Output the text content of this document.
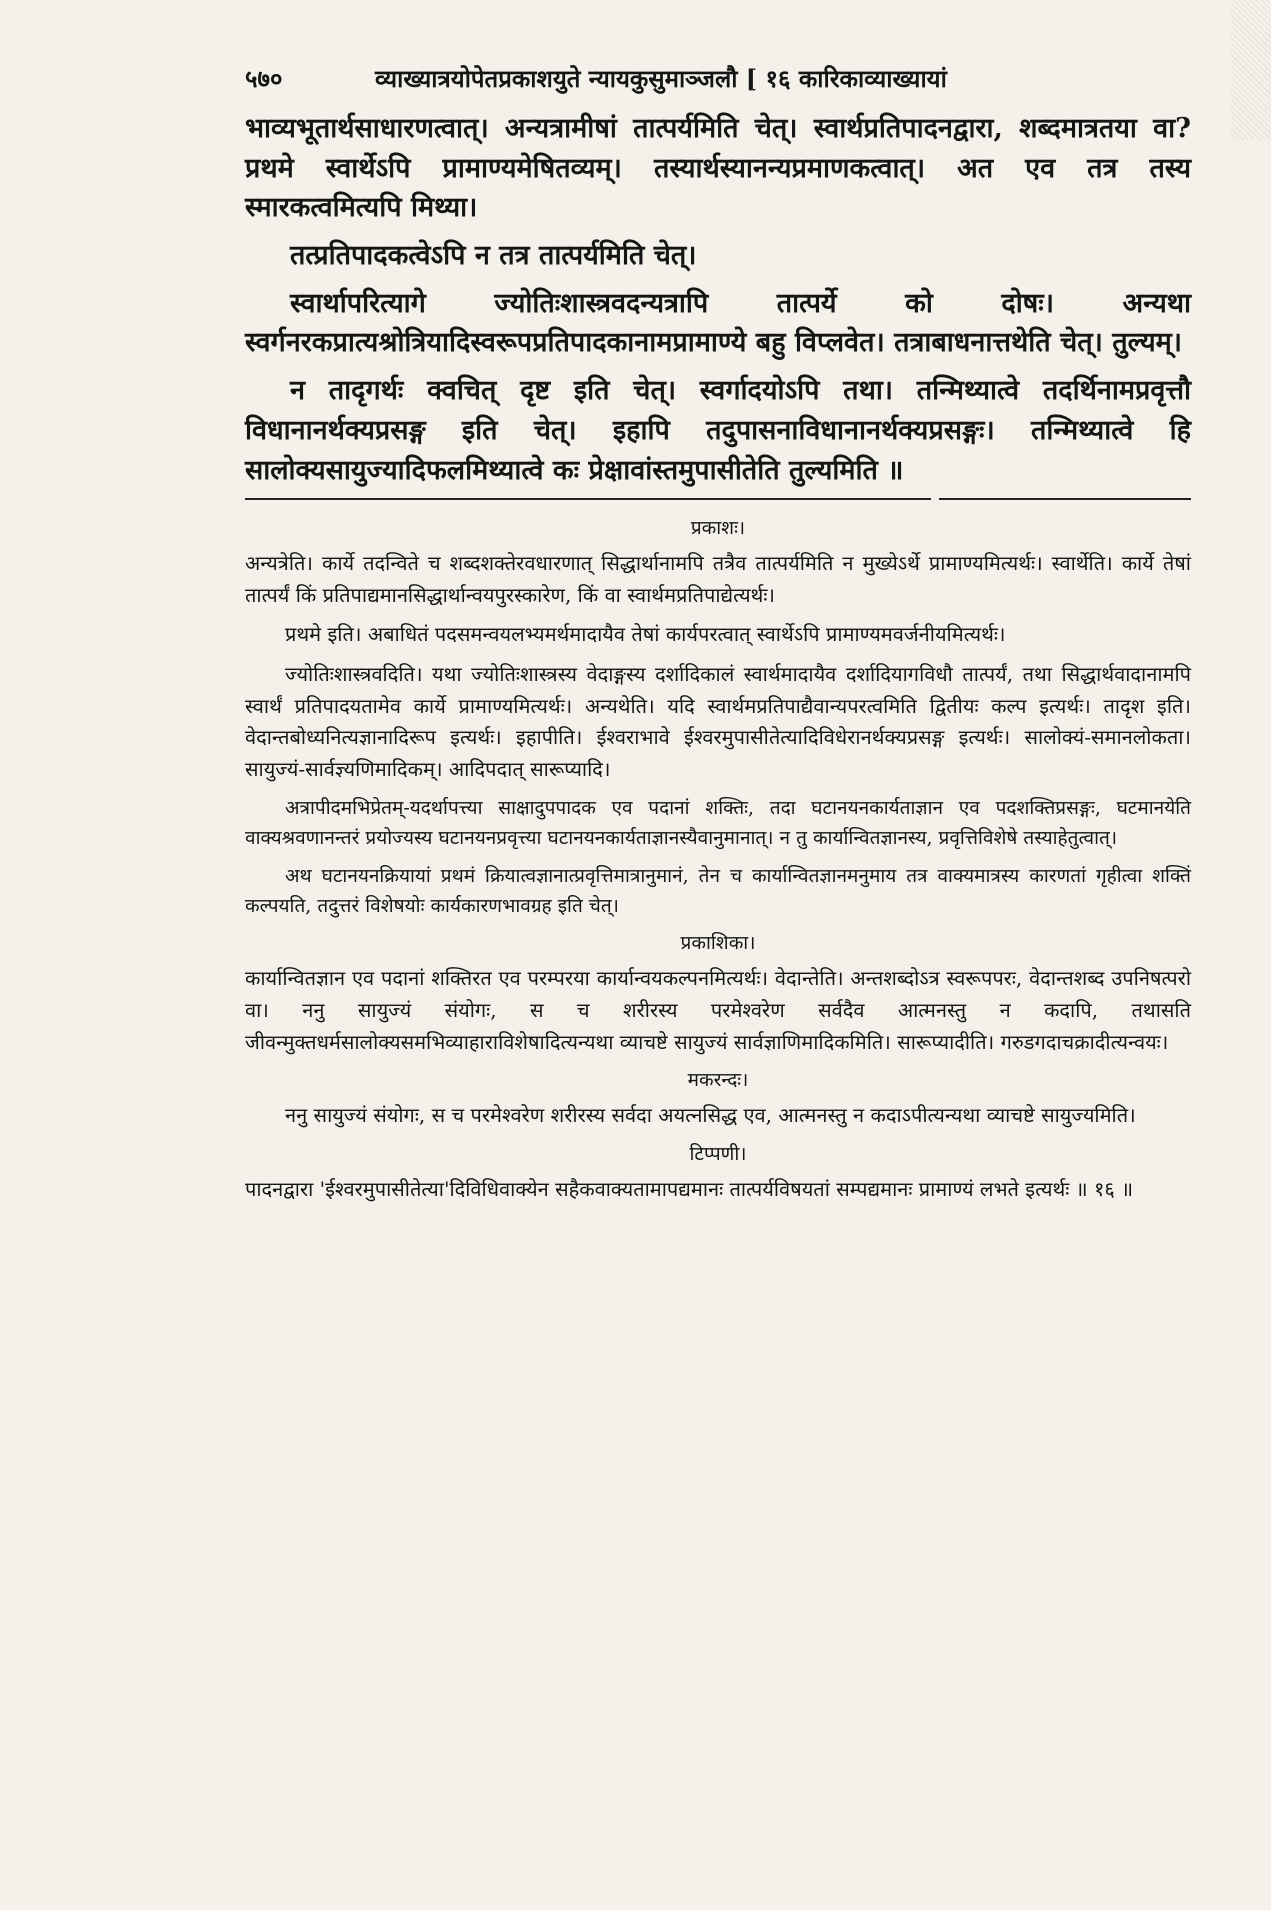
५७०	व्याख्यात्रयोपेतप्रकाशयुते न्यायकुसुमाञ्जलौ [ १६ कारिकाव्याख्यायां

भाव्यभूतार्थसाधारणत्वात्। अन्यत्रामीषां तात्पर्यमिति चेत्। स्वार्थप्रतिपादनद्वारा, शब्दमात्रतया वा? प्रथमे स्वार्थेऽपि प्रामाण्यमेषितव्यम्। तस्यार्थस्यानन्यप्रमाणकत्वात्। अत एव तत्र तस्य स्मारकत्वमित्यपि मिथ्या।

तत्प्रतिपादकत्वेऽपि न तत्र तात्पर्यमिति चेत्।

स्वार्थापरित्यागे ज्योतिःशास्त्रवदन्यत्रापि तात्पर्ये को दोषः। अन्यथा स्वर्गनरकप्रात्यश्रोत्रियादिस्वरूपप्रतिपादकानामप्रामाण्ये बहु विप्लवेत। तत्राबाधनात्तथेति चेत्। तुल्यम्।

न तादृगर्थः क्वचित् दृष्ट इति चेत्। स्वर्गादयोऽपि तथा। तन्मिथ्यात्वे तदर्थिनामप्रवृत्तौ विधानानर्थक्यप्रसङ्ग इति चेत्। इहापि तदुपासनाविधानानर्थक्यप्रसङ्गः। तन्मिथ्यात्वे हि सालोक्यसायुज्यादिफलमिथ्यात्वे कः प्रेक्षावांस्तमुपासीतेति तुल्यमिति ॥

प्रकाशः।

अन्यत्रेति। कार्ये तदन्विते च शब्दशक्तेरवधारणात् सिद्धार्थानामपि तत्रैव तात्पर्यमिति न मुख्येऽर्थे प्रामाण्यमित्यर्थः। स्वार्थेति। कार्ये तेषां तात्पर्यं किं प्रतिपाद्यमानसिद्धार्थान्वयपुरस्कारेण, किं वा स्वार्थमप्रतिपाद्येत्यर्थः।

प्रथमे इति। अबाधितं पदसमन्वयलभ्यमर्थमादायैव तेषां कार्यपरत्वात् स्वार्थेऽपि प्रामाण्यमवर्जनीयमित्यर्थः।

ज्योतिःशास्त्रवदिति। यथा ज्योतिःशास्त्रस्य वेदाङ्गस्य दर्शादिकालं स्वार्थमादायैव दर्शादियागविधौ तात्पर्यं, तथा सिद्धार्थवादानामपि स्वार्थं प्रतिपादयतामेव कार्ये प्रामाण्यमित्यर्थः। अन्यथेति। यदि स्वार्थमप्रतिपाद्यैवान्यपरत्वमिति द्वितीयः कल्प इत्यर्थः। तादृश इति। वेदान्तबोध्यनित्यज्ञानादिरूप इत्यर्थः। इहापीति। ईश्वराभावे ईश्वरमुपासीतेत्यादिविधेरानर्थक्यप्रसङ्ग इत्यर्थः। सालोक्यं-समानलोकता। सायुज्यं-सार्वज्ञ्यणिमादिकम्। आदिपदात् सारूप्यादि।

अत्रापीदमभिप्रेतम्-यदर्थापत्त्या साक्षादुपपादक एव पदानां शक्तिः, तदा घटानयनकार्यताज्ञान एव पदशक्तिप्रसङ्गः, घटमानयेति वाक्यश्रवणानन्तरं प्रयोज्यस्य घटानयनप्रवृत्त्या घटानयनकार्यताज्ञानस्यैवानुमानात्। न तु कार्यान्वितज्ञानस्य, प्रवृत्तिविशेषे तस्याहेतुत्वात्।

अथ घटानयनक्रियायां प्रथमं क्रियात्वज्ञानात्प्रवृत्तिमात्रानुमानं, तेन च कार्यान्वितज्ञानमनुमाय तत्र वाक्यमात्रस्य कारणतां गृहीत्वा शक्तिं कल्पयति, तदुत्तरं विशेषयोः कार्यकारणभावग्रह इति चेत्।

प्रकाशिका।

कार्यान्वितज्ञान एव पदानां शक्तिरत एव परम्परया कार्यान्वयकल्पनमित्यर्थः। वेदान्तेति। अन्तशब्दोऽत्र स्वरूपपरः, वेदान्तशब्द उपनिषत्परो वा। ननु सायुज्यं संयोगः, स च शरीरस्य परमेश्वरेण सर्वदैव आत्मनस्तु न कदापि, तथासति जीवन्मुक्तधर्मसालोक्यसमभिव्याहाराविशेषादित्यन्यथा व्याचष्टे सायुज्यं सार्वज्ञाणिमादिकमिति। सारूप्यादीति। गरुडगदाचक्रादीत्यन्वयः।

मकरन्दः।

ननु सायुज्यं संयोगः, स च परमेश्वरेण शरीरस्य सर्वदा अयत्नसिद्ध एव, आत्मनस्तु न कदाऽपीत्यन्यथा व्याचष्टे सायुज्यमिति।

टिप्पणी।

पादनद्वारा 'ईश्वरमुपासीतेत्या'दिविधिवाक्येन सहैकवाक्यतामापद्यमानः तात्पर्यविषयतां सम्पद्यमानः प्रामाण्यं लभते इत्यर्थः ॥ १६ ॥
